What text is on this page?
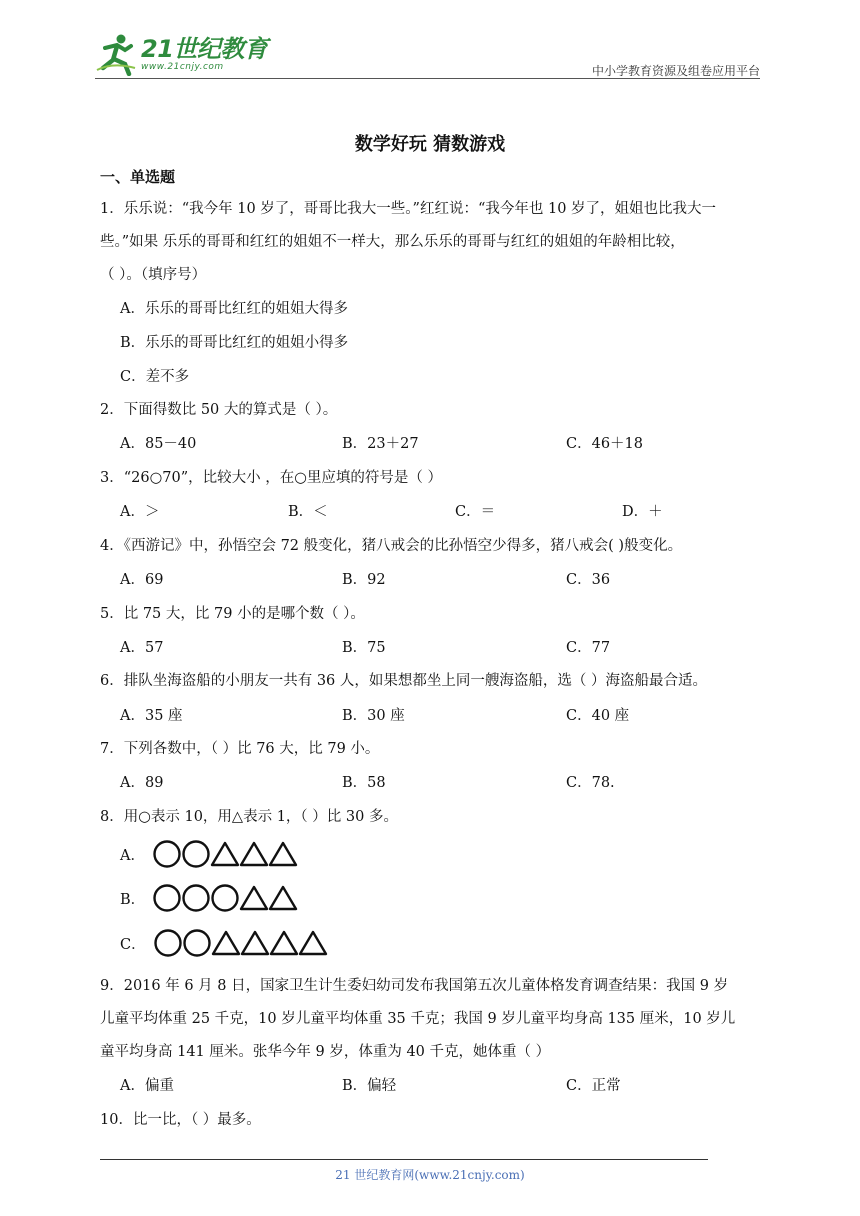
21世纪教育
www.21cnjy.com	中小学教育资源及组卷应用平台
数学好玩 猜数游戏
一、单选题
1．乐乐说：“我今年 10 岁了，哥哥比我大一些。”红红说：“我今年也 10 岁了，姐姐也比我大一
些。”如果 乐乐的哥哥和红红的姐姐不一样大，那么乐乐的哥哥与红红的姐姐的年龄相比较，
（ ）。（填序号）
A．乐乐的哥哥比红红的姐姐大得多
B．乐乐的哥哥比红红的姐姐小得多
C．差不多
2．下面得数比 50 大的算式是（ ）。
A．85－40	B．23＋27	C．46＋18
3．“26○70”，比较大小 ，在○里应填的符号是（ ）
A．＞	B．＜	C．＝	D．＋
4．《西游记》中，孙悟空会 72 般变化，猪八戒会的比孙悟空少得多，猪八戒会( )般变化。
A．69	B．92	C．36
5．比 75 大，比 79 小的是哪个数（ ）。
A．57	B．75	C．77
6．排队坐海盗船的小朋友一共有 36 人，如果想都坐上同一艘海盗船，选（ ）海盗船最合适。
A．35 座	B．30 座	C．40 座
7．下列各数中，（ ）比 76 大，比 79 小。
A．89	B．58	C．78.
8．用○表示 10，用△表示 1，（ ）比 30 多。
A．
B．
C．
9．2016 年 6 月 8 日，国家卫生计生委妇幼司发布我国第五次儿童体格发育调查结果：我国 9 岁
儿童平均体重 25 千克，10 岁儿童平均体重 35 千克；我国 9 岁儿童平均身高 135 厘米，10 岁儿
童平均身高 141 厘米。张华今年 9 岁，体重为 40 千克，她体重（ ）
A．偏重	B．偏轻	C．正常
10．比一比，（ ）最多。
21 世纪教育网(www.21cnjy.com)
